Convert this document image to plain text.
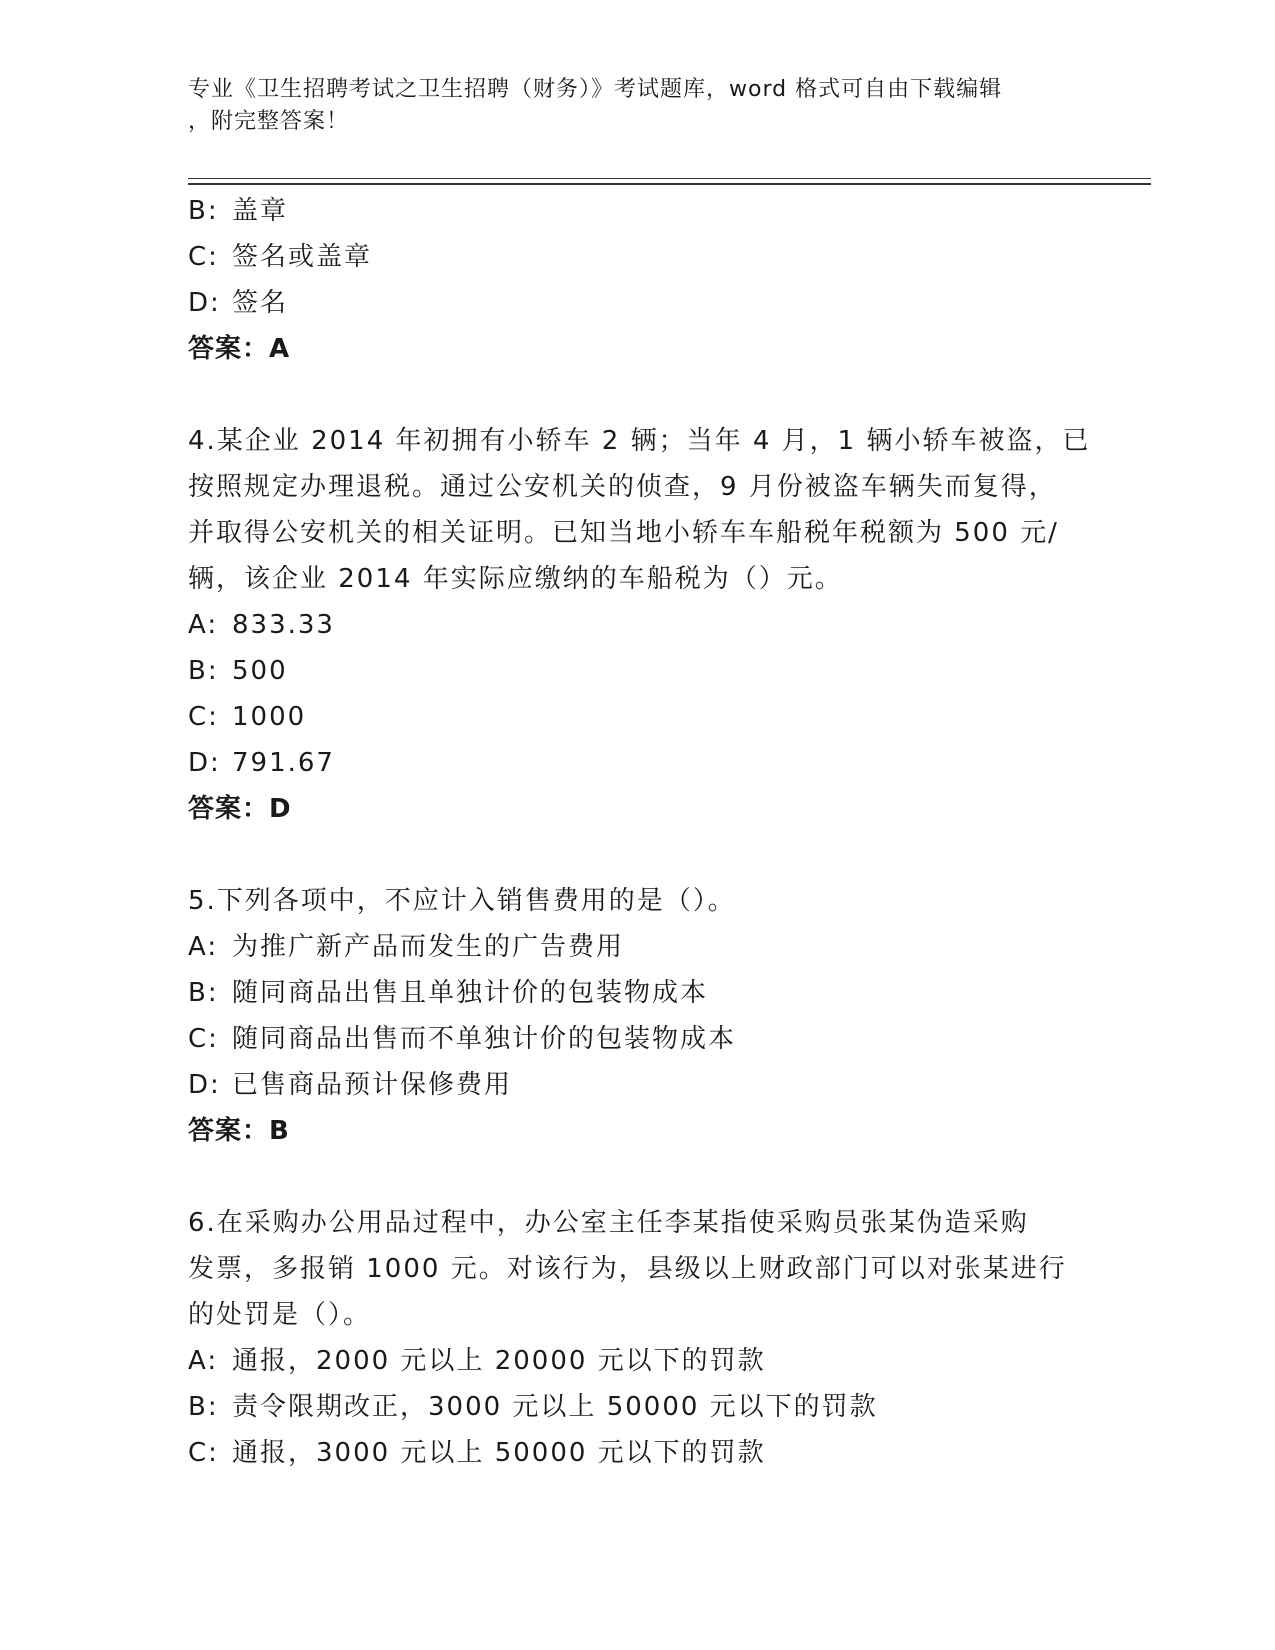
专业《卫生招聘考试之卫生招聘（财务）》考试题库，word 格式可自由下载编辑
，附完整答案！
B: 盖章
C: 签名或盖章
D: 签名
答案：A
4.某企业 2014 年初拥有小轿车 2 辆；当年 4 月，1 辆小轿车被盗，已
按照规定办理退税。通过公安机关的侦查，9 月份被盗车辆失而复得，
并取得公安机关的相关证明。已知当地小轿车车船税年税额为 500 元/
辆，该企业 2014 年实际应缴纳的车船税为（）元。
A: 833.33
B: 500
C: 1000
D: 791.67
答案：D
5.下列各项中，不应计入销售费用的是（）。
A: 为推广新产品而发生的广告费用
B: 随同商品出售且单独计价的包装物成本
C: 随同商品出售而不单独计价的包装物成本
D: 已售商品预计保修费用
答案：B
6.在采购办公用品过程中，办公室主任李某指使采购员张某伪造采购
发票，多报销 1000 元。对该行为，县级以上财政部门可以对张某进行
的处罚是（）。
A: 通报，2000 元以上 20000 元以下的罚款
B: 责令限期改正，3000 元以上 50000 元以下的罚款
C: 通报，3000 元以上 50000 元以下的罚款
